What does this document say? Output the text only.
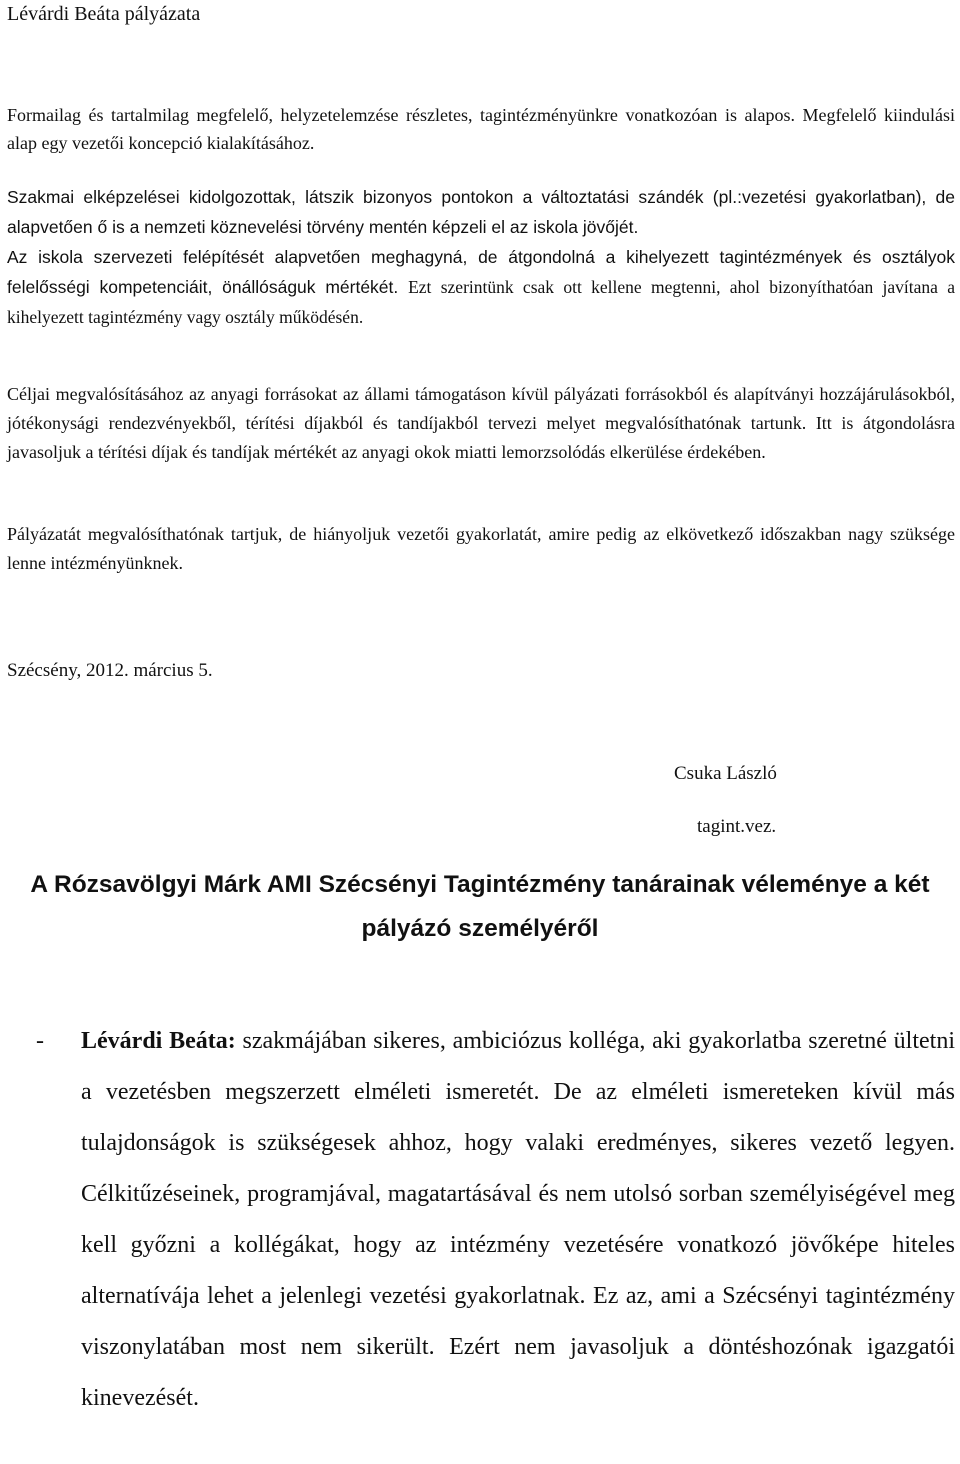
Lévárdi Beáta pályázata

Formailag és tartalmilag megfelelő, helyzetelemzése részletes, tagintézményünkre vonatkozóan is alapos. Megfelelő kiindulási alap egy vezetői koncepció kialakításához.

Szakmai elképzelései kidolgozottak, látszik bizonyos pontokon a változtatási szándék (pl.:vezetési gyakorlatban), de alapvetően ő is a nemzeti köznevelési törvény mentén képzeli el az iskola jövőjét.

Az iskola szervezeti felépítését alapvetően meghagyná, de átgondolná a kihelyezett tagintézmények és osztályok felelősségi kompetenciáit, önállóságuk mértékét. Ezt szerintünk csak ott kellene megtenni, ahol bizonyíthatóan javítana a kihelyezett tagintézmény vagy osztály működésén.

Céljai megvalósításához az anyagi forrásokat az állami támogatáson kívül pályázati forrásokból és alapítványi hozzájárulásokból, jótékonysági rendezvényekből, térítési díjakból és tandíjakból tervezi melyet megvalósíthatónak tartunk. Itt is átgondolásra javasoljuk a térítési díjak és tandíjak mértékét az anyagi okok miatti lemorzsolódás elkerülése érdekében.

Pályázatát megvalósíthatónak tartjuk, de hiányoljuk vezetői gyakorlatát, amire pedig az elkövetkező időszakban nagy szüksége lenne intézményünknek.

Szécsény, 2012. március 5.
Csuka László
tagint.vez.
A Rózsavölgyi Márk AMI Szécsényi Tagintézmény tanárainak véleménye a két pályázó személyéről
- Lévárdi Beáta: szakmájában sikeres, ambiciózus kolléga, aki gyakorlatba szeretné ültetni a vezetésben megszerzett elméleti ismeretét. De az elméleti ismereteken kívül más tulajdonságok is szükségesek ahhoz, hogy valaki eredményes, sikeres vezető legyen. Célkitűzéseinek, programjával, magatartásával és nem utolsó sorban személyiségével meg kell győzni a kollégákat, hogy az intézmény vezetésére vonatkozó jövőképe hiteles alternatívája lehet a jelenlegi vezetési gyakorlatnak. Ez az, ami a Szécsényi tagintézmény viszonylatában most nem sikerült. Ezért nem javasoljuk a döntéshozónak igazgatói kinevezését.
